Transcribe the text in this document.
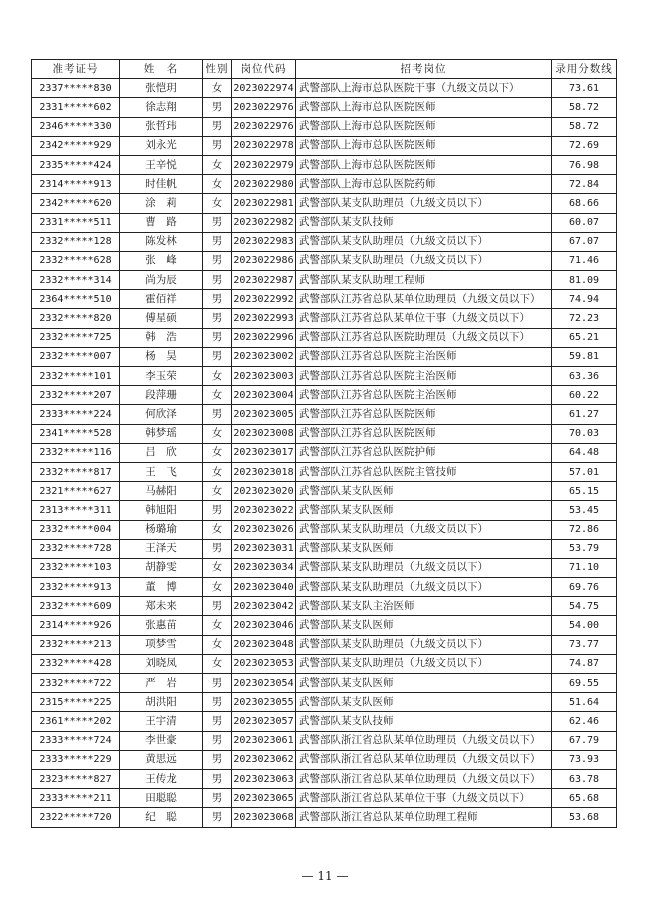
准考证号	姓　名	性别	岗位代码	招考岗位	录用分数线
2337*****830	张恺玥	女	2023022974	武警部队上海市总队医院干事（九级文员以下）	73.61
2331*****602	徐志翔	男	2023022976	武警部队上海市总队医院医师	58.72
2346*****330	张哲玮	男	2023022976	武警部队上海市总队医院医师	58.72
2342*****929	刘永光	男	2023022978	武警部队上海市总队医院医师	72.69
2335*****424	王辛悦	女	2023022979	武警部队上海市总队医院医师	76.98
2314*****913	时佳帆	女	2023022980	武警部队上海市总队医院药师	72.84
2342*****620	涂　莉	女	2023022981	武警部队某支队助理员（九级文员以下）	68.66
2331*****511	曹　路	男	2023022982	武警部队某支队技师	60.07
2332*****128	陈发林	男	2023022983	武警部队某支队助理员（九级文员以下）	67.07
2332*****628	张　峰	男	2023022986	武警部队某支队助理员（九级文员以下）	71.46
2332*****314	尚为辰	男	2023022987	武警部队某支队助理工程师	81.09
2364*****510	霍佰祥	男	2023022992	武警部队江苏省总队某单位助理员（九级文员以下）	74.94
2332*****820	傅星硕	男	2023022993	武警部队江苏省总队某单位干事（九级文员以下）	72.23
2332*****725	韩　浩	男	2023022996	武警部队江苏省总队医院助理员（九级文员以下）	65.21
2332*****007	杨　昊	男	2023023002	武警部队江苏省总队医院主治医师	59.81
2332*****101	李玉荣	女	2023023003	武警部队江苏省总队医院主治医师	63.36
2332*****207	段萍珊	女	2023023004	武警部队江苏省总队医院主治医师	60.22
2333*****224	何欣泽	男	2023023005	武警部队江苏省总队医院医师	61.27
2341*****528	韩梦瑶	女	2023023008	武警部队江苏省总队医院医师	70.03
2332*****116	吕　欣	女	2023023017	武警部队江苏省总队医院护师	64.48
2332*****817	王　飞	女	2023023018	武警部队江苏省总队医院主管技师	57.01
2321*****627	马赫阳	女	2023023020	武警部队某支队医师	65.15
2313*****311	韩旭阳	男	2023023022	武警部队某支队医师	53.45
2332*****004	杨璐瑜	女	2023023026	武警部队某支队助理员（九级文员以下）	72.86
2332*****728	王泽天	男	2023023031	武警部队某支队医师	53.79
2332*****103	胡静雯	女	2023023034	武警部队某支队助理员（九级文员以下）	71.10
2332*****913	董　博	女	2023023040	武警部队某支队助理员（九级文员以下）	69.76
2332*****609	郑未来	男	2023023042	武警部队某支队主治医师	54.75
2314*****926	张惠苗	女	2023023046	武警部队某支队医师	54.00
2332*****213	项梦雪	女	2023023048	武警部队某支队助理员（九级文员以下）	73.77
2332*****428	刘晓凤	女	2023023053	武警部队某支队助理员（九级文员以下）	74.87
2332*****722	严　岩	男	2023023054	武警部队某支队医师	69.55
2315*****225	胡洪阳	男	2023023055	武警部队某支队医师	51.64
2361*****202	王宇清	男	2023023057	武警部队某支队技师	62.46
2333*****724	李世豪	男	2023023061	武警部队浙江省总队某单位助理员（九级文员以下）	67.79
2333*****229	黄思远	男	2023023062	武警部队浙江省总队某单位助理员（九级文员以下）	73.93
2323*****827	王传龙	男	2023023063	武警部队浙江省总队某单位助理员（九级文员以下）	63.78
2333*****211	田聪聪	男	2023023065	武警部队浙江省总队某单位干事（九级文员以下）	65.68
2322*****720	纪　聪	男	2023023068	武警部队浙江省总队某单位助理工程师	53.68
— 11 —
